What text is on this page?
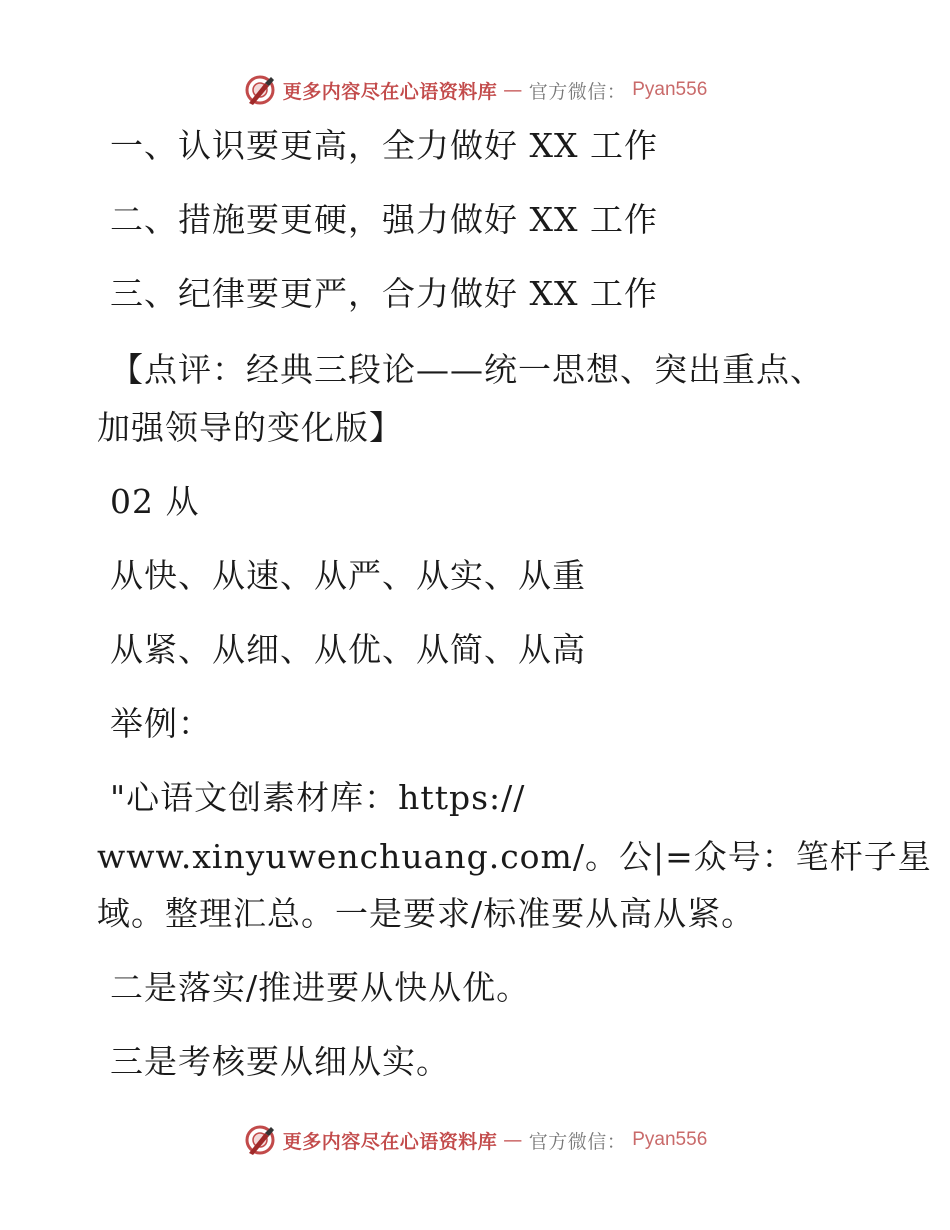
更多内容尽在心语资料库 — 官方微信： Pyan556
一、认识要更高，全力做好 XX 工作
二、措施要更硬，强力做好 XX 工作
三、纪律要更严，合力做好 XX 工作
【点评：经典三段论——统一思想、突出重点、
加强领导的变化版】
02 从
从快、从速、从严、从实、从重
从紧、从细、从优、从简、从高
举例：
"心语文创素材库：https://
www.xinyuwenchuang.com/。公|=众号：笔杆子星
域。整理汇总。一是要求/标准要从高从紧。
二是落实/推进要从快从优。
三是考核要从细从实。
更多内容尽在心语资料库 — 官方微信： Pyan556
